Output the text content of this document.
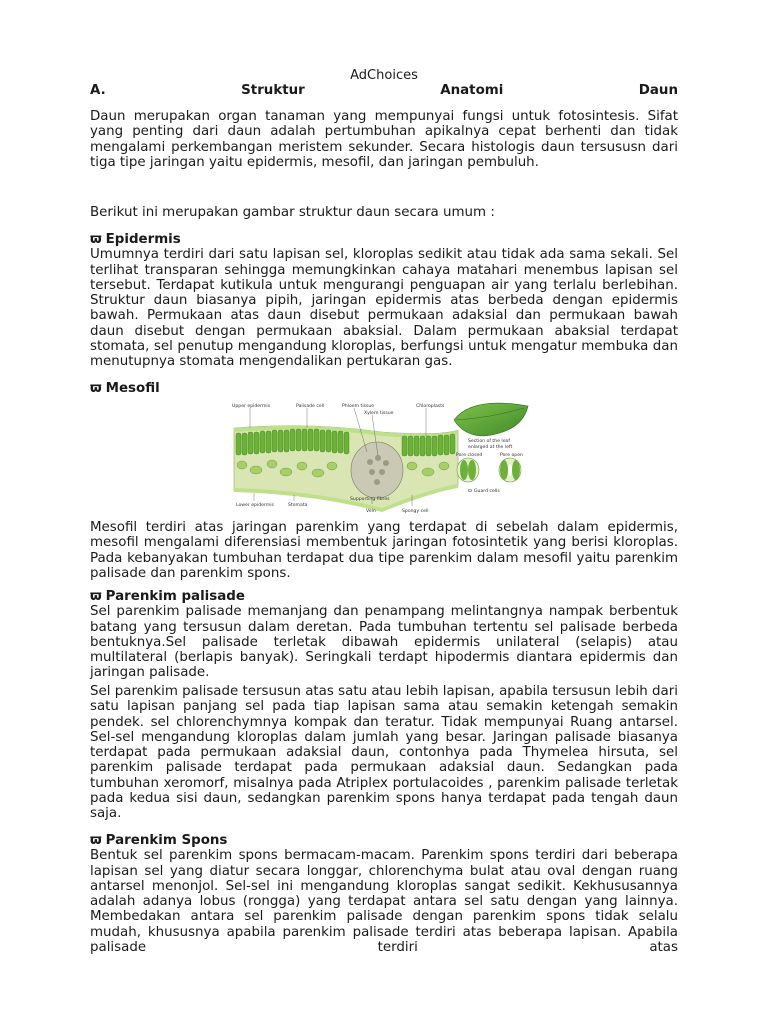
AdChoices
A.	Struktur	Anatomi	Daun

Daun merupakan organ tanaman yang mempunyai fungsi untuk fotosintesis. Sifat yang penting dari daun adalah pertumbuhan apikalnya cepat berhenti dan tidak mengalami perkembangan meristem sekunder. Secara histologis daun tersususn dari tiga tipe jaringan yaitu epidermis, mesofil, dan jaringan pembuluh.

Berikut ini merupakan gambar struktur daun secara umum :

ϖ Epidermis

Umumnya terdiri dari satu lapisan sel, kloroplas sedikit atau tidak ada sama sekali. Sel terlihat transparan sehingga memungkinkan cahaya matahari menembus lapisan sel tersebut. Terdapat kutikula untuk mengurangi penguapan air yang terlalu berlebihan. Struktur daun biasanya pipih, jaringan epidermis atas berbeda dengan epidermis bawah. Permukaan atas daun disebut permukaan adaksial dan permukaan bawah daun disebut dengan permukaan abaksial. Dalam permukaan abaksial terdapat stomata, sel penutup mengandung kloroplas, berfungsi untuk mengatur membuka dan menutupnya stomata mengendalikan pertukaran gas.

ϖ Mesofil
Upper epidermis	Palisade cell	Phloem tissue
Xylem tissue
Chloroplasts
Lower epidermis	Stomata
Supporting fibres
Vein	Spongy cell
Section of the leaf
enlarged at the left
Pore closed	Pore open
ϖ Guard cells

Mesofil terdiri atas jaringan parenkim yang terdapat di sebelah dalam epidermis, mesofil mengalami diferensiasi membentuk jaringan fotosintetik yang berisi kloroplas. Pada kebanyakan tumbuhan terdapat dua tipe parenkim dalam mesofil yaitu parenkim palisade dan parenkim spons.

ϖ Parenkim palisade

Sel parenkim palisade memanjang dan penampang melintangnya nampak berbentuk batang yang tersusun dalam deretan. Pada tumbuhan tertentu sel palisade berbeda bentuknya.Sel palisade terletak dibawah epidermis unilateral (selapis) atau multilateral (berlapis banyak). Seringkali terdapt hipodermis diantara epidermis dan jaringan palisade.

Sel parenkim palisade tersusun atas satu atau lebih lapisan, apabila tersusun lebih dari satu lapisan panjang sel pada tiap lapisan sama atau semakin ketengah semakin pendek. sel chlorenchymnya kompak dan teratur. Tidak mempunyai Ruang antarsel. Sel-sel mengandung kloroplas dalam jumlah yang besar. Jaringan palisade biasanya terdapat pada permukaan adaksial daun, contonhya pada Thymelea hirsuta, sel parenkim palisade terdapat pada permukaan adaksial daun. Sedangkan pada tumbuhan xeromorf, misalnya pada Atriplex portulacoides , parenkim palisade terletak pada kedua sisi daun, sedangkan parenkim spons hanya terdapat pada tengah daun saja.

ϖ Parenkim Spons

Bentuk sel parenkim spons bermacam-macam. Parenkim spons terdiri dari beberapa lapisan sel yang diatur secara longgar, chlorenchyma bulat atau oval dengan ruang antarsel menonjol. Sel-sel ini mengandung kloroplas sangat sedikit. Kekhususannya adalah adanya lobus (rongga) yang terdapat antara sel satu dengan yang lainnya. Membedakan antara sel parenkim palisade dengan parenkim spons tidak selalu mudah, khususnya apabila parenkim palisade terdiri atas beberapa lapisan. Apabila palisade terdiri atas
